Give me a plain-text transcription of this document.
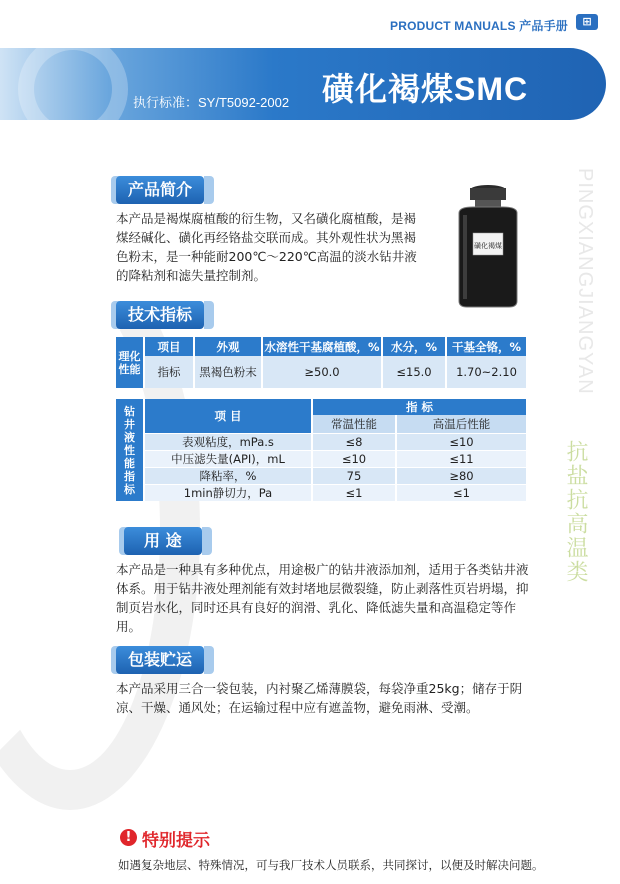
PRODUCT MANUALS 产品手册	⊞
执行标准：SY/T5092-2002 磺化褐煤SMC
PINGXIANGJIANGYAN
抗盐抗高温类
产品简介
本产品是褐煤腐植酸的衍生物，又名磺化腐植酸，是褐煤经碱化、磺化再经铬盐交联而成。其外观性状为黑褐色粉末，是一种能耐200℃～220℃高温的淡水钻井液的降粘剂和滤失量控制剂。
磺化褐煤
技术指标
理化性能	项目	外观	水溶性干基腐植酸，%	水分，%	干基全铬，%
	指标	黑褐色粉末	≥50.0	≤15.0	1.70~2.10
钻井液性能指标	项 目	指 标	
		常温性能	高温后性能
	表观粘度，mPa.s	≤8	≤10
	中压滤失量(API)，mL	≤10	≤11
	降粘率，%	75	≥80
	1min静切力，Pa	≤1	≤1
用 途
本产品是一种具有多种优点，用途极广的钻井液添加剂，适用于各类钻井液体系。用于钻井液处理剂能有效封堵地层微裂缝，防止剥落性页岩坍塌，抑制页岩水化，同时还具有良好的润滑、乳化、降低滤失量和高温稳定等作用。
包装贮运
本产品采用三合一袋包装，内衬聚乙烯薄膜袋，每袋净重25kg；储存于阴凉、干燥、通风处；在运输过程中应有遮盖物，避免雨淋、受潮。
! 特别提示
如遇复杂地层、特殊情况，可与我厂技术人员联系，共同探讨，以便及时解决问题。
